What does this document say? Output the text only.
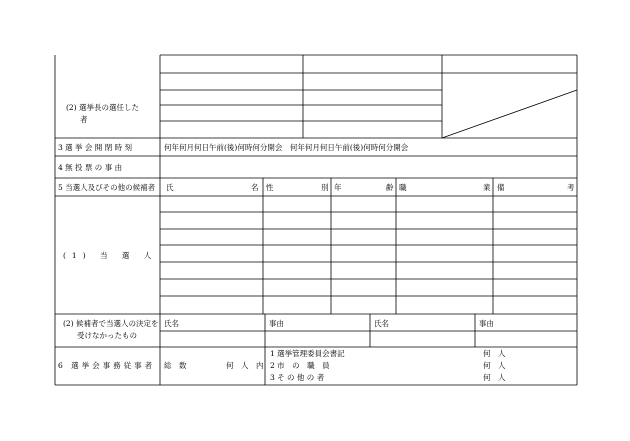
(2) 選挙長の選任した
者
3 選 挙 会 開 閉 時 刻	何年何月何日午前(後)何時何分開会　何年何月何日午前(後)何時何分開会
4 無 投 票 の 事 由
5 当選人及びその他の候補者 氏	名 性	別 年	齢 職	業 備	考
(1) 当 選 人
(2) 候補者で当選人の決定を
受けなかったもの
氏名	事由	氏名	事由
6 選挙会事務従事者 総　数	何　人　内
1 選挙管理委員会書記	何　人
2 市　の　職　員	何　人
3 そ の 他 の 者	何　人
